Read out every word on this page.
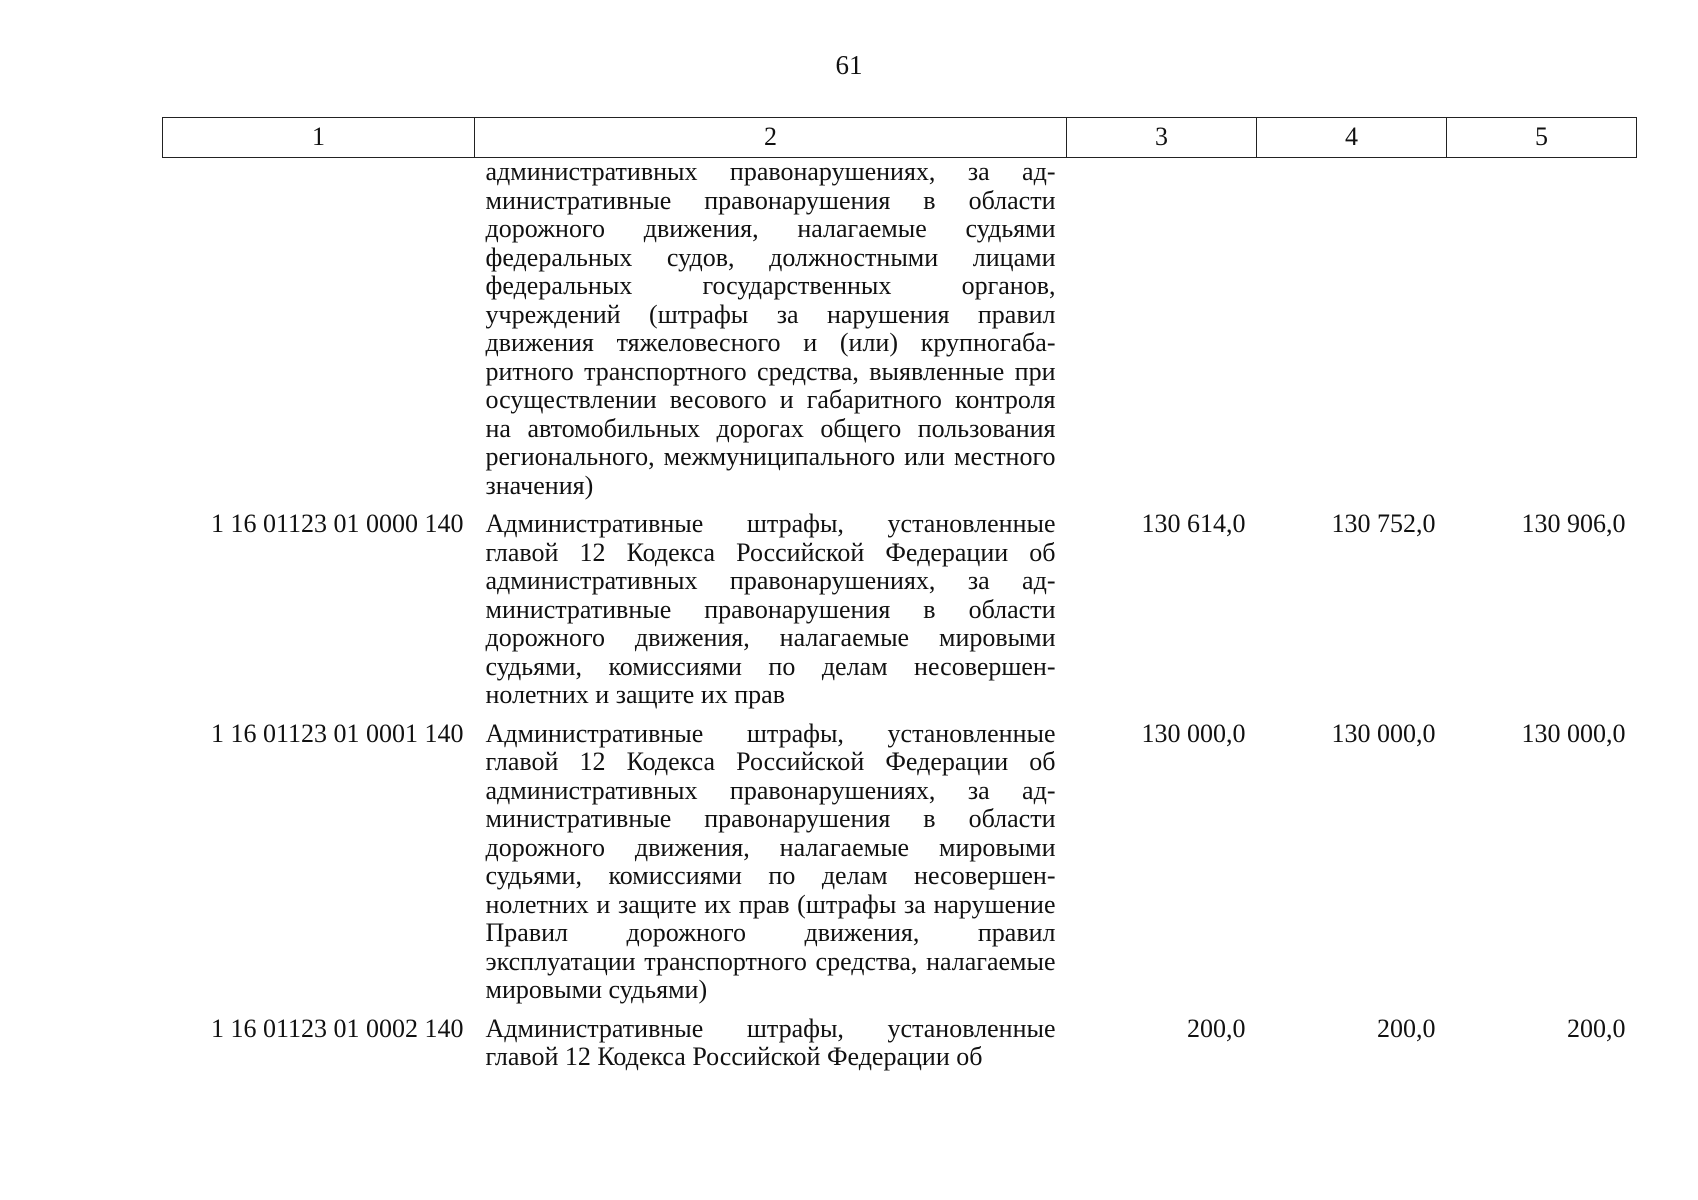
61
1	2	3	4	5
	административных правонарушениях, за административные правонарушения в области дорожного движения, налагаемые судьями федеральных судов, должностными лицами федеральных государственных органов, учреждений (штрафы за нарушения правил движения тяжеловесного и (или) крупногабаритного транспортного средства, выявленные при осуществлении весового и габаритного контроля на автомобильных дорогах общего пользования регионального, межмуниципального или местного значения)			
1 16 01123 01 0000 140	Административные штрафы, установленные главой 12 Кодекса Российской Федерации об административных правонарушениях, за административные правонарушения в области дорожного движения, налагаемые мировыми судьями, комиссиями по делам несовершеннолетних и защите их прав	130 614,0	130 752,0	130 906,0
1 16 01123 01 0001 140	Административные штрафы, установленные главой 12 Кодекса Российской Федерации об административных правонарушениях, за административные правонарушения в области дорожного движения, налагаемые мировыми судьями, комиссиями по делам несовершеннолетних и защите их прав (штрафы за нарушение Правил дорожного движения, правил эксплуатации транспортного средства, налагаемые мировыми судьями)	130 000,0	130 000,0	130 000,0
1 16 01123 01 0002 140	Административные штрафы, установленные главой 12 Кодекса Российской Федерации об	200,0	200,0	200,0
